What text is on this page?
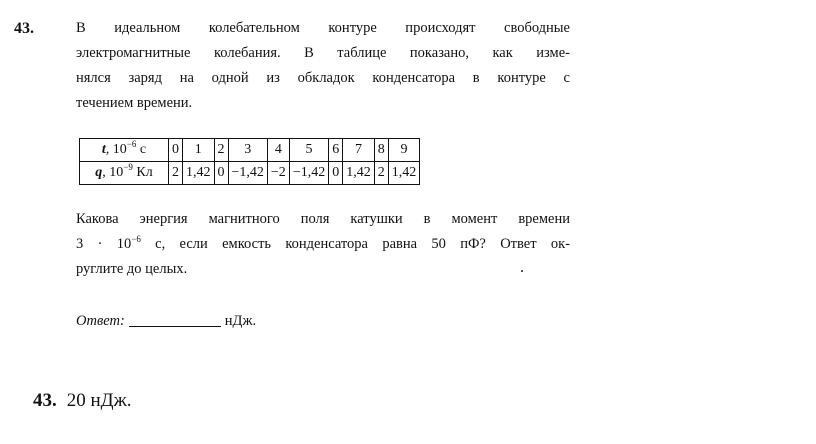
43.	В идеальном колебательном контуре происходят свободные
электромагнитные колебания. В таблице показано, как изме-
нялся заряд на одной из обкладок конденсатора в контуре с
течением времени.
t, $10^{-6}$ с	0	1	2	3	4	5	6	7	8	9
q, $10^{-9}$ Кл	2	1,42	0	−1,42	−2	−1,42	0	1,42	2	1,42
Какова энергия магнитного поля катушки в момент времени
$3 \cdot 10^{-6}$ с, если емкость конденсатора равна 50 пФ? Ответ ок-
руглите до целых.
Ответ:	нДж.
43. 20 нДж.
